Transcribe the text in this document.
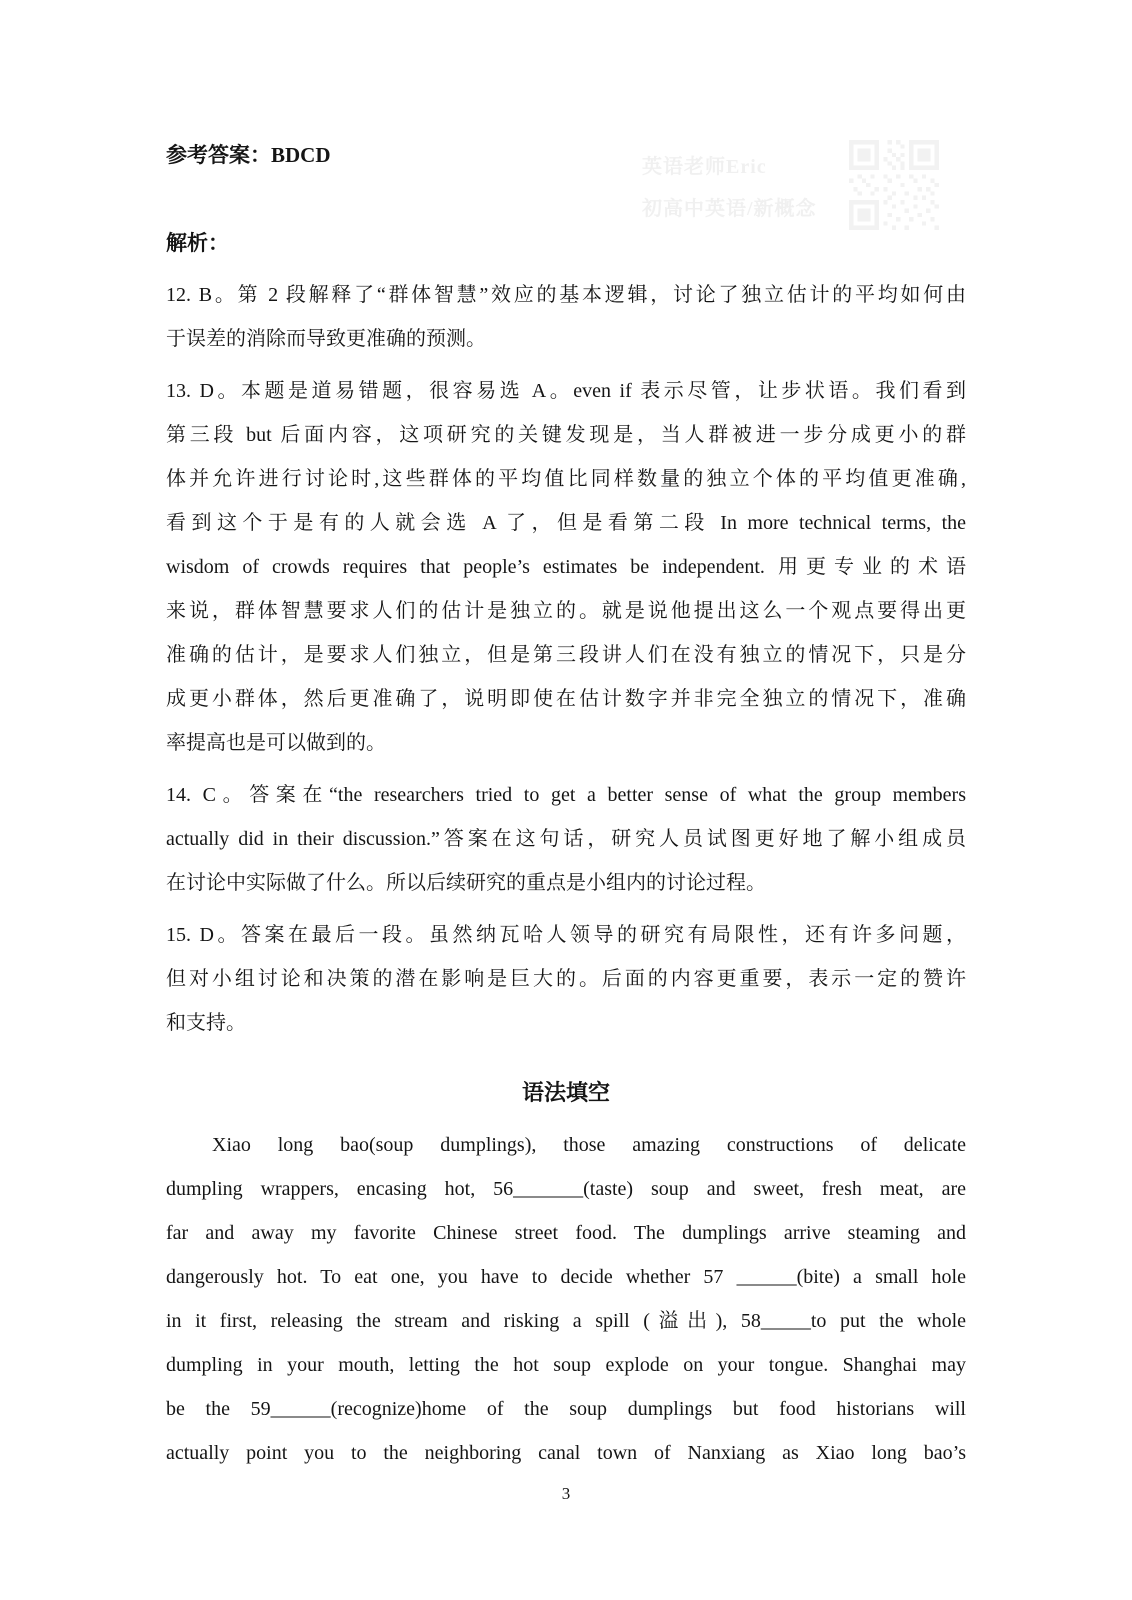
英语老师Eric
初高中英语/新概念
参考答案：BDCD
解析：
12. B。第 2 段解释了“群体智慧”效应的基本逻辑，讨论了独立估计的平均如何由
于误差的消除而导致更准确的预测。
13. D。本题是道易错题，很容易选 A。even if 表示尽管，让步状语。我们看到
第三段 but 后面内容，这项研究的关键发现是，当人群被进一步分成更小的群
体并允许进行讨论时,这些群体的平均值比同样数量的独立个体的平均值更准确,
看到这个于是有的人就会选 A 了，但是看第二段 In more technical terms, the
wisdom of crowds requires that people’s estimates be independent. 用更专业的术语
来说，群体智慧要求人们的估计是独立的。就是说他提出这么一个观点要得出更
准确的估计，是要求人们独立，但是第三段讲人们在没有独立的情况下，只是分
成更小群体，然后更准确了，说明即使在估计数字并非完全独立的情况下，准确
率提高也是可以做到的。
14. C。答案在“the researchers tried to get a better sense of what the group members
actually did in their discussion.”答案在这句话，研究人员试图更好地了解小组成员
在讨论中实际做了什么。所以后续研究的重点是小组内的讨论过程。
15. D。答案在最后一段。虽然纳瓦哈人领导的研究有局限性，还有许多问题，
但对小组讨论和决策的潜在影响是巨大的。后面的内容更重要，表示一定的赞许
和支持。
语法填空
Xiao long bao(soup dumplings), those amazing constructions of delicate
dumpling wrappers, encasing hot, 56_______(taste) soup and sweet, fresh meat, are
far and away my favorite Chinese street food. The dumplings arrive steaming and
dangerously hot. To eat one, you have to decide whether 57 ______(bite) a small hole
in it first, releasing the stream and risking a spill (溢出), 58_____to put the whole
dumpling in your mouth, letting the hot soup explode on your tongue. Shanghai may
be the 59______(recognize)home of the soup dumplings but food historians will
actually point you to the neighboring canal town of Nanxiang as Xiao long bao’s
3
